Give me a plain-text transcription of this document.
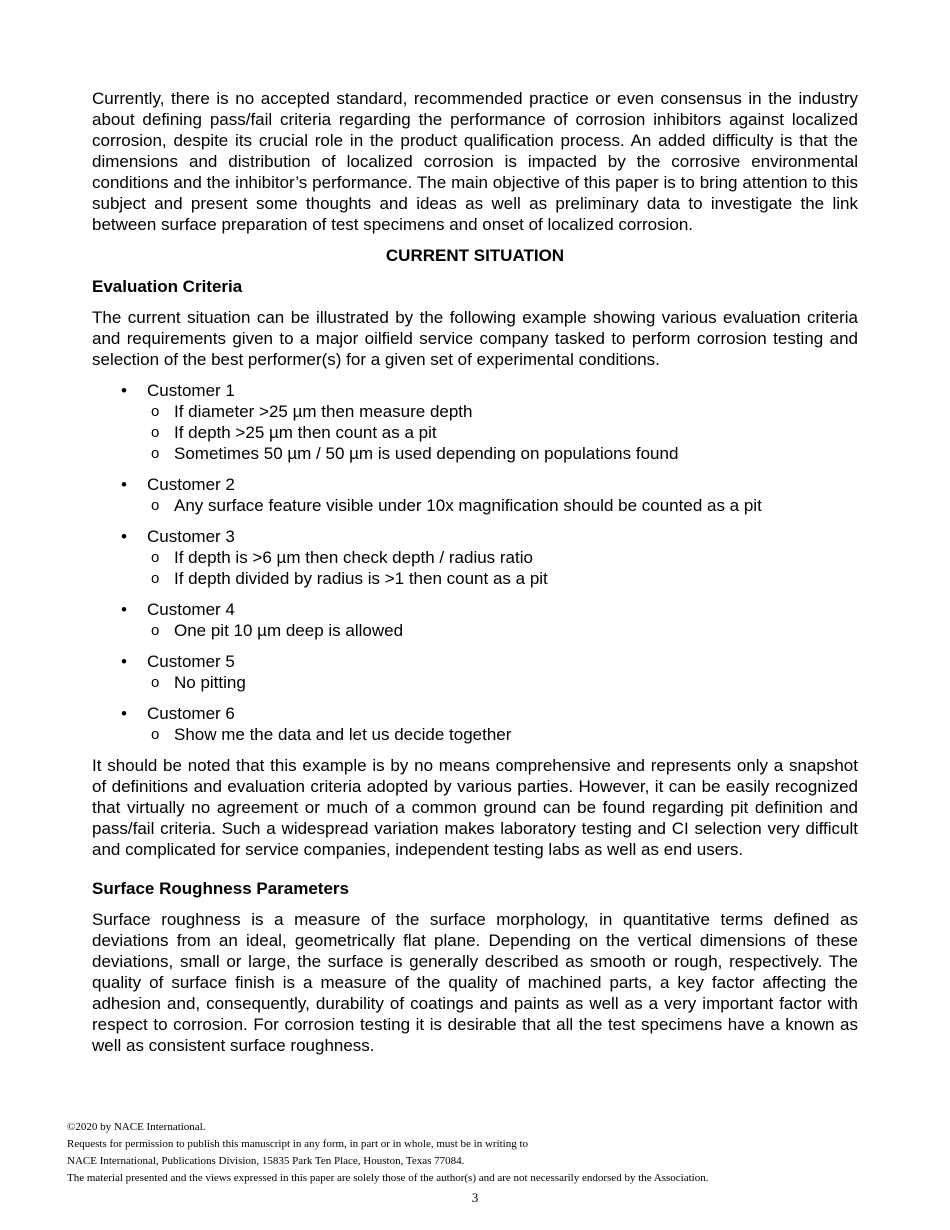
Currently, there is no accepted standard, recommended practice or even consensus in the industry about defining pass/fail criteria regarding the performance of corrosion inhibitors against localized corrosion, despite its crucial role in the product qualification process. An added difficulty is that the dimensions and distribution of localized corrosion is impacted by the corrosive environmental conditions and the inhibitor’s performance. The main objective of this paper is to bring attention to this subject and present some thoughts and ideas as well as preliminary data to investigate the link between surface preparation of test specimens and onset of localized corrosion.

CURRENT SITUATION
Evaluation Criteria

The current situation can be illustrated by the following example showing various evaluation criteria and requirements given to a major oilfield service company tasked to perform corrosion testing and selection of the best performer(s) for a given set of experimental conditions.

• Customer 1
o If diameter >25 µm then measure depth
o If depth >25 µm then count as a pit
o Sometimes 50 µm / 50 µm is used depending on populations found
• Customer 2
o Any surface feature visible under 10x magnification should be counted as a pit
• Customer 3
o If depth is >6 µm then check depth / radius ratio
o If depth divided by radius is >1 then count as a pit
• Customer 4
o One pit 10 µm deep is allowed
• Customer 5
o No pitting
• Customer 6
o Show me the data and let us decide together

It should be noted that this example is by no means comprehensive and represents only a snapshot of definitions and evaluation criteria adopted by various parties. However, it can be easily recognized that virtually no agreement or much of a common ground can be found regarding pit definition and pass/fail criteria. Such a widespread variation makes laboratory testing and CI selection very difficult and complicated for service companies, independent testing labs as well as end users.

Surface Roughness Parameters

Surface roughness is a measure of the surface morphology, in quantitative terms defined as deviations from an ideal, geometrically flat plane. Depending on the vertical dimensions of these deviations, small or large, the surface is generally described as smooth or rough, respectively. The quality of surface finish is a measure of the quality of machined parts, a key factor affecting the adhesion and, consequently, durability of coatings and paints as well as a very important factor with respect to corrosion. For corrosion testing it is desirable that all the test specimens have a known as well as consistent surface roughness.

©2020 by NACE International.
Requests for permission to publish this manuscript in any form, in part or in whole, must be in writing to
NACE International, Publications Division, 15835 Park Ten Place, Houston, Texas 77084.
The material presented and the views expressed in this paper are solely those of the author(s) and are not necessarily endorsed by the Association.
3
